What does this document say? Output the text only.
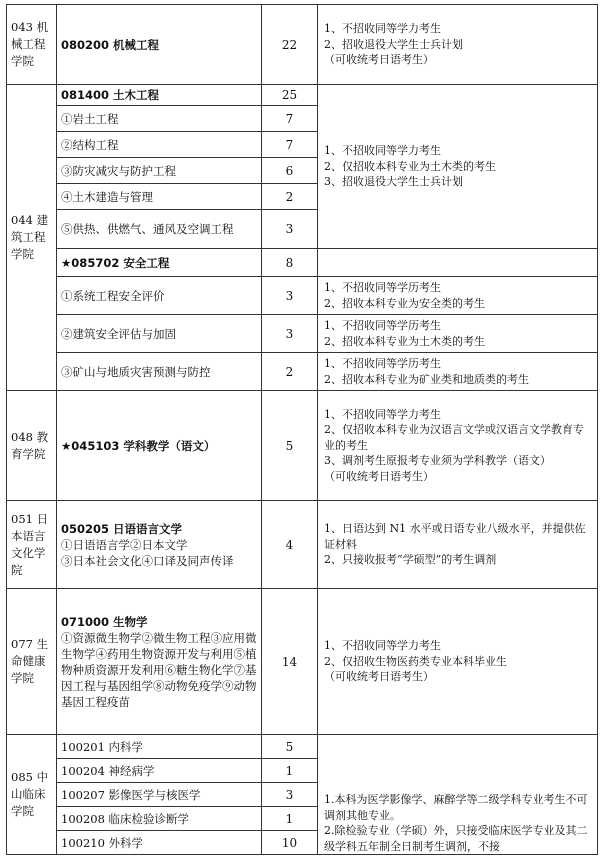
043 机械工程学院	080200 机械工程	22	1、不招收同等学力考生
2、招收退役大学生士兵计划
（可收统考日语考生）

044 建筑工程学院	081400 土木工程	25	1、不招收同等学力考生
2、仅招收本科专业为土木类的考生
3、招收退役大学生士兵计划

	①岩土工程	7	
	②结构工程	7	
	③防灾减灾与防护工程	6	
	④土木建造与管理	2	
	⑤供热、供燃气、通风及空调工程	3	
	★085702 安全工程	8	
	①系统工程安全评价	3	1、不招收同等学历考生
2、招收本科专业为安全类的考生

	②建筑安全评估与加固	3	1、不招收同等学历考生
2、招收本科专业为土木类的考生

	③矿山与地质灾害预测与防控	2	1、不招收同等学历考生
2、招收本科专业为矿业类和地质类的考生

048 教育学院	★045103 学科教学（语文）	5	1、不招收同等学力考生
2、仅招收本科专业为汉语言文学或汉语言文学教育专业的考生
3、调剂考生原报考专业须为学科教学（语文）
（可收统考日语考生）

051 日本语言文化学院	050205 日语语言文学
①日语语言学②日本文学
③日本社会文化④口译及同声传译	4	1、日语达到 N1 水平或日语专业八级水平，并提供佐证材料
2、只接收报考“学硕型”的考生调剂

077 生命健康学院	071000 生物学
①资源微生物学②微生物工程③应用微生物学④药用生物资源开发与利用⑤植物种质资源开发利用⑥糖生物化学⑦基因工程与基因组学⑧动物免疫学⑨动物基因工程疫苗	14	1、不招收同等学力考生
2、仅招收生物医药类专业本科毕业生
（可收统考日语考生）

085 中山临床学院	100201 内科学	5	1.本科为医学影像学、麻醉学等二级学科专业考生不可调剂其他专业。
2.除检验专业（学硕）外，只接受临床医学专业及其二级学科五年制全日制考生调剂，不接

	100204 神经病学	1	
	100207 影像医学与核医学	3	
	100208 临床检验诊断学	1	
	100210 外科学	10	
